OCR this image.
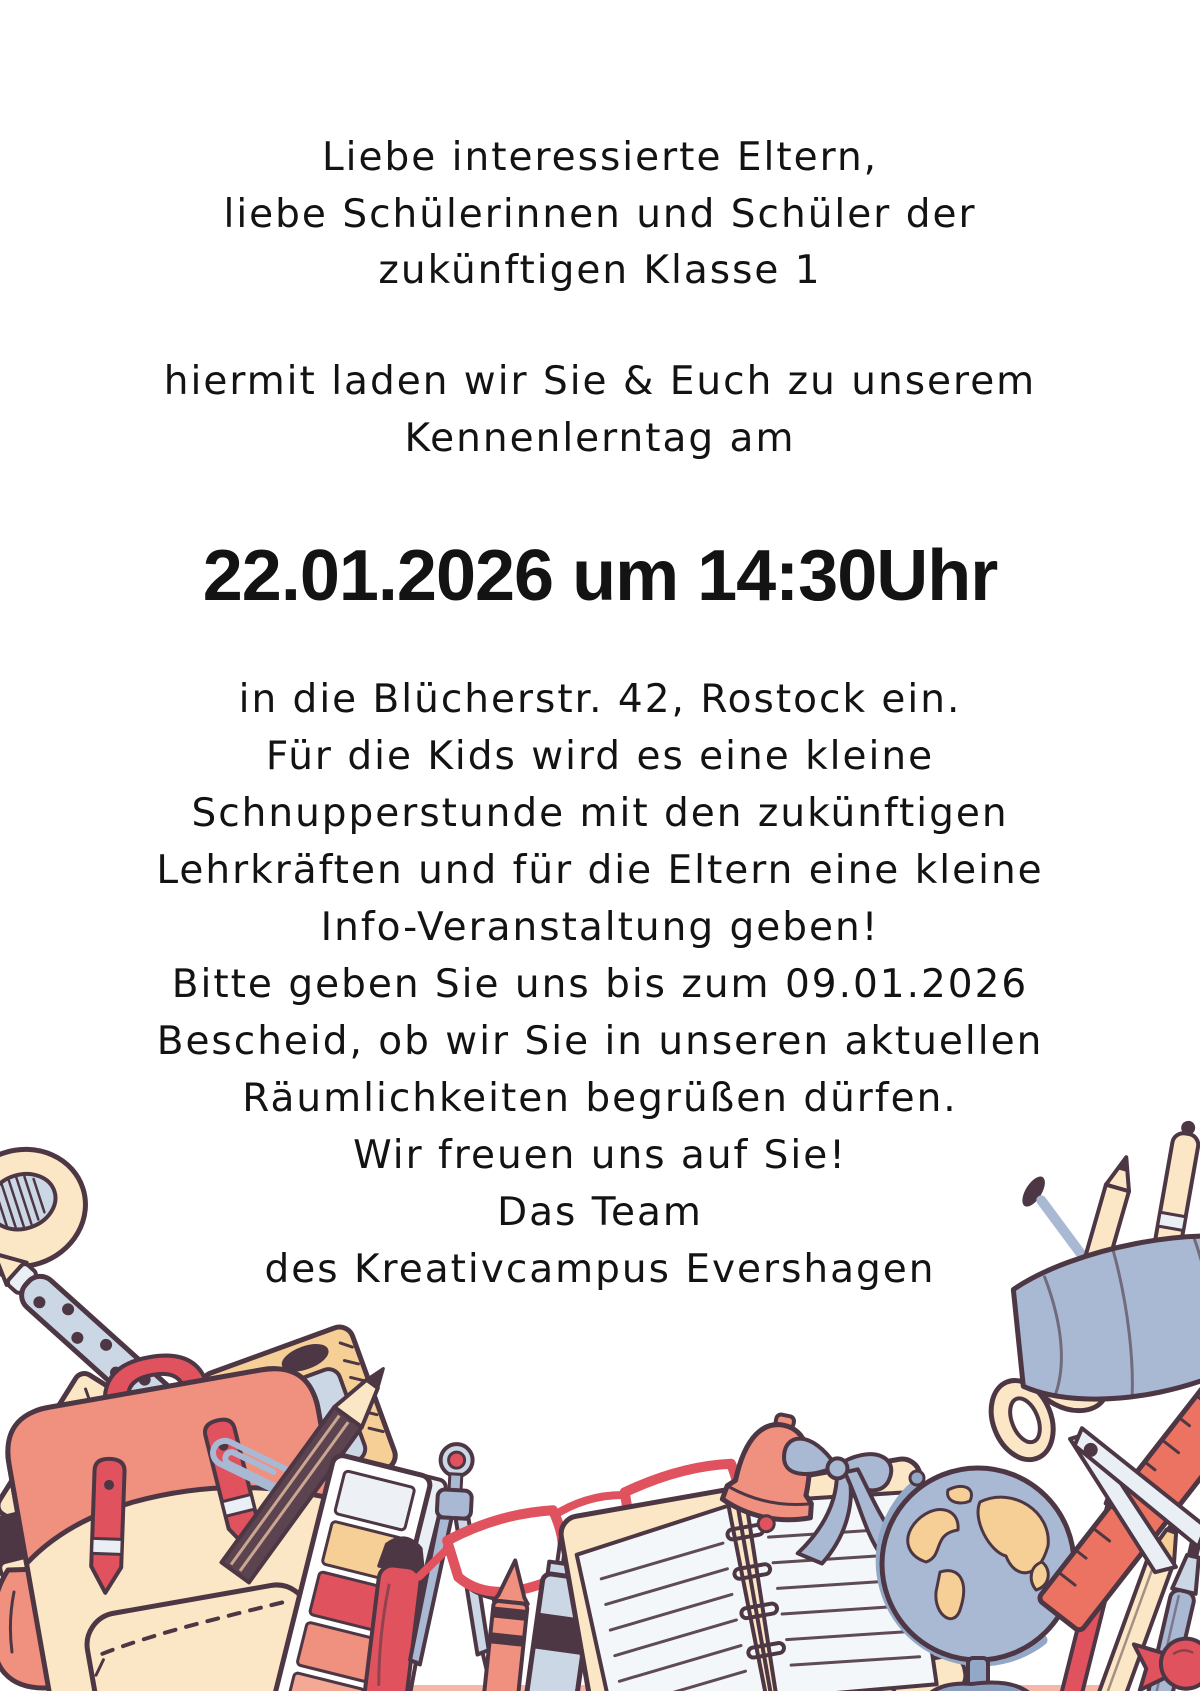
Liebe interessierte Eltern,
liebe Schülerinnen und Schüler der
zukünftigen Klasse 1
hiermit laden wir Sie & Euch zu unserem
Kennenlerntag am
22.01.2026 um 14:30Uhr
in die Blücherstr. 42, Rostock ein.
Für die Kids wird es eine kleine
Schnupperstunde mit den zukünftigen
Lehrkräften und für die Eltern eine kleine
Info-Veranstaltung geben!
Bitte geben Sie uns bis zum 09.01.2026
Bescheid, ob wir Sie in unseren aktuellen
Räumlichkeiten begrüßen dürfen.
Wir freuen uns auf Sie!
Das Team
des Kreativcampus Evershagen
